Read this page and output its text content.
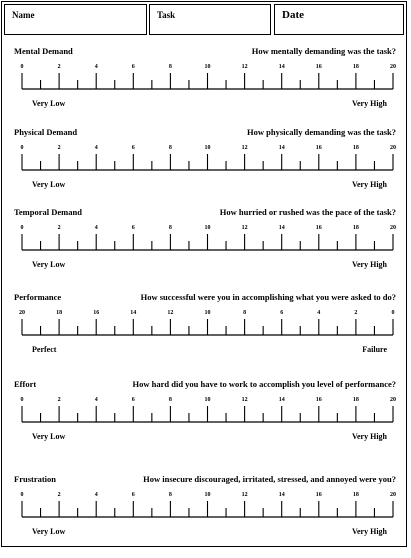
Name	Task	Date
Mental Demand	How mentally demanding was the task?
0	2	4	6	8	10	12	14	16	18	20
Very Low	Very High
Physical Demand	How physically demanding was the task?
0	2	4	6	8	10	12	14	16	18	20
Very Low	Very High
Temporal Demand	How hurried or rushed was the pace of the task?
0	2	4	6	8	10	12	14	16	18	20
Very Low	Very High
Performance	How successful were you in accomplishing what you were asked to do?
20	18	16	14	12	10	8	6	4	2	0
Perfect	Failure
Effort	How hard did you have to work to accomplish you level of performance?
0	2	4	6	8	10	12	14	16	18	20
Very Low	Very High
Frustration	How insecure discouraged, irritated, stressed, and annoyed were you?
0	2	4	6	8	10	12	14	16	18	20
Very Low	Very High
